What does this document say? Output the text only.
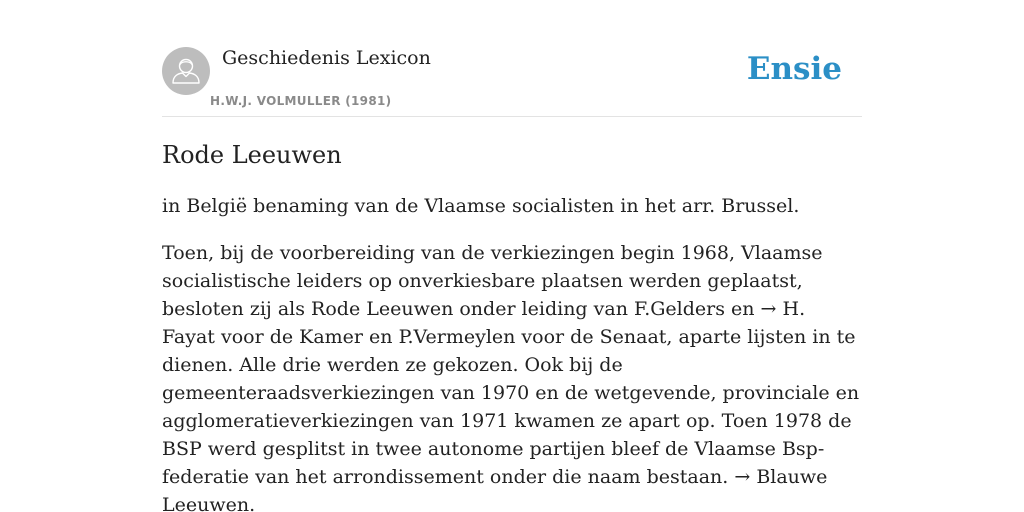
Geschiedenis Lexicon
H.W.J. VOLMULLER (1981)
Ensie
Rode Leeuwen

in België benaming van de Vlaamse socialisten in het arr. Brussel.

Toen, bij de voorbereiding van de verkiezingen begin 1968, Vlaamse socialistische leiders op onverkiesbare plaatsen werden geplaatst, besloten zij als Rode Leeuwen onder leiding van F.Gelders en → H. Fayat voor de Kamer en P.Vermeylen voor de Senaat, aparte lijsten in te dienen. Alle drie werden ze gekozen. Ook bij de gemeenteraadsverkiezingen van 1970 en de wetgevende, provinciale en agglomeratieverkiezingen van 1971 kwamen ze apart op. Toen 1978 de BSP werd gesplitst in twee autonome partijen bleef de Vlaamse Bsp-federatie van het arrondissement onder die naam bestaan. → Blauwe Leeuwen.
